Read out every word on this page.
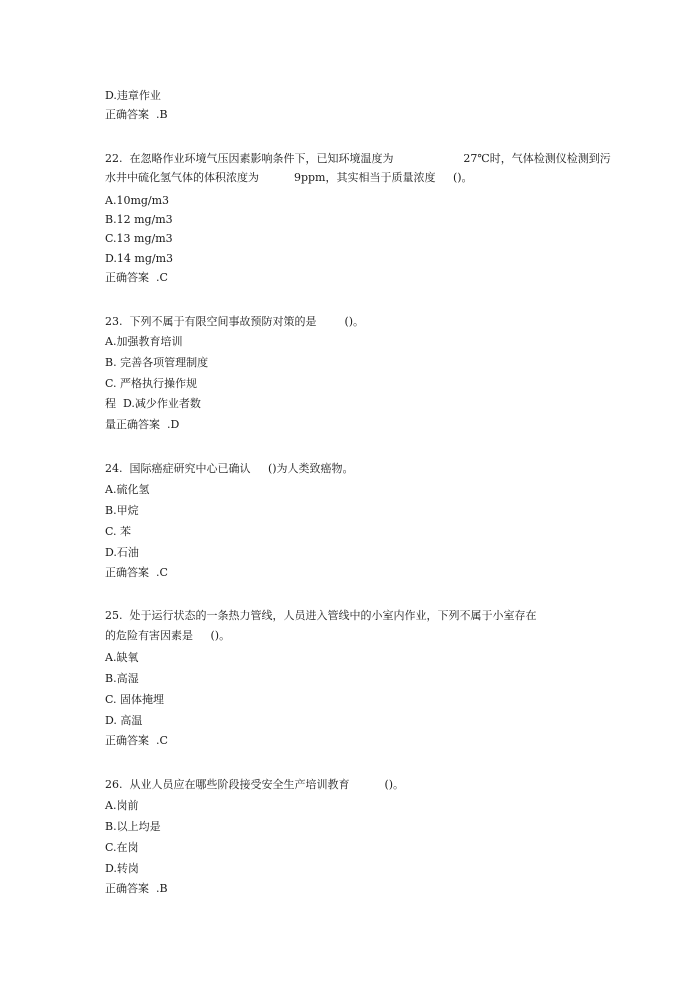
D.违章作业
正确答案  .B
22.  在忽略作业环境气压因素影响条件下，已知环境温度为                    27℃时，气体检测仪检测到污
水井中硫化氢气体的体积浓度为          9ppm，其实相当于质量浓度     ()。
A.10mg/m3
B.12 mg/m3
C.13 mg/m3
D.14 mg/m3
正确答案  .C
23.  下列不属于有限空间事故预防对策的是        ()。
A.加强教育培训
B. 完善各项管理制度
C. 严格执行操作规
程  D.减少作业者数
量正确答案  .D
24.  国际癌症研究中心已确认     ()为人类致癌物。
A.硫化氢
B.甲烷
C. 苯
D.石油
正确答案  .C
25.  处于运行状态的一条热力管线，人员进入管线中的小室内作业，下列不属于小室存在
的危险有害因素是     ()。
A.缺氧
B.高湿
C. 固体掩埋
D. 高温
正确答案  .C
26.  从业人员应在哪些阶段接受安全生产培训教育          ()。
A.岗前
B.以上均是
C.在岗
D.转岗
正确答案  .B
